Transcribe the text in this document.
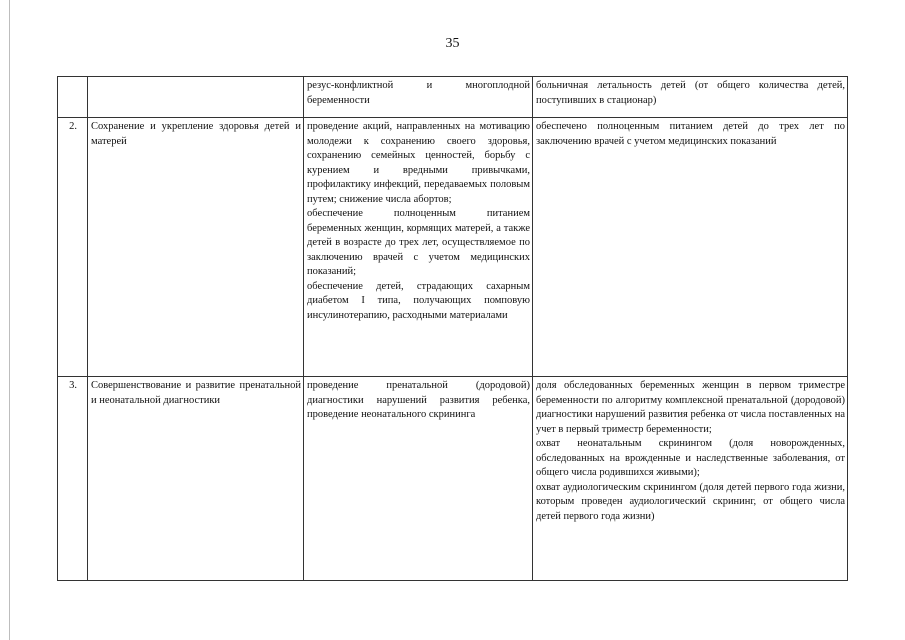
35

		резус-конфликтной и многоплодной беременности	больничная летальность детей (от общего количества детей, поступивших в стационар)

2.	Сохранение и укрепление здоровья детей и матерей	проведение акций, направленных на мотивацию молодежи к сохранению своего здоровья, сохранению семейных ценностей, борьбу с курением и вредными привычками, профилактику инфекций, передаваемых половым путем; снижение числа абортов;
обеспечение полноценным питанием беременных женщин, кормящих матерей, а также детей в возрасте до трех лет, осуществляемое по заключению врачей с учетом медицинских показаний;
обеспечение детей, страдающих сахарным диабетом I типа, получающих помповую инсулинотерапию, расходными материалами	обеспечено полноценным питанием детей до трех лет по заключению врачей с учетом медицинских показаний

3.	Совершенствование и развитие пренатальной и неонатальной диагностики	проведение пренатальной (дородовой) диагностики нарушений развития ребенка, проведение неонатального скрининга	доля обследованных беременных женщин в первом триместре беременности по алгоритму комплексной пренатальной (дородовой) диагностики нарушений развития ребенка от числа поставленных на учет в первый триместр беременности;
охват неонатальным скринингом (доля новорожденных, обследованных на врожденные и наследственные заболевания, от общего числа родившихся живыми);
охват аудиологическим скринингом (доля детей первого года жизни, которым проведен аудиологический скрининг, от общего числа детей первого года жизни)
